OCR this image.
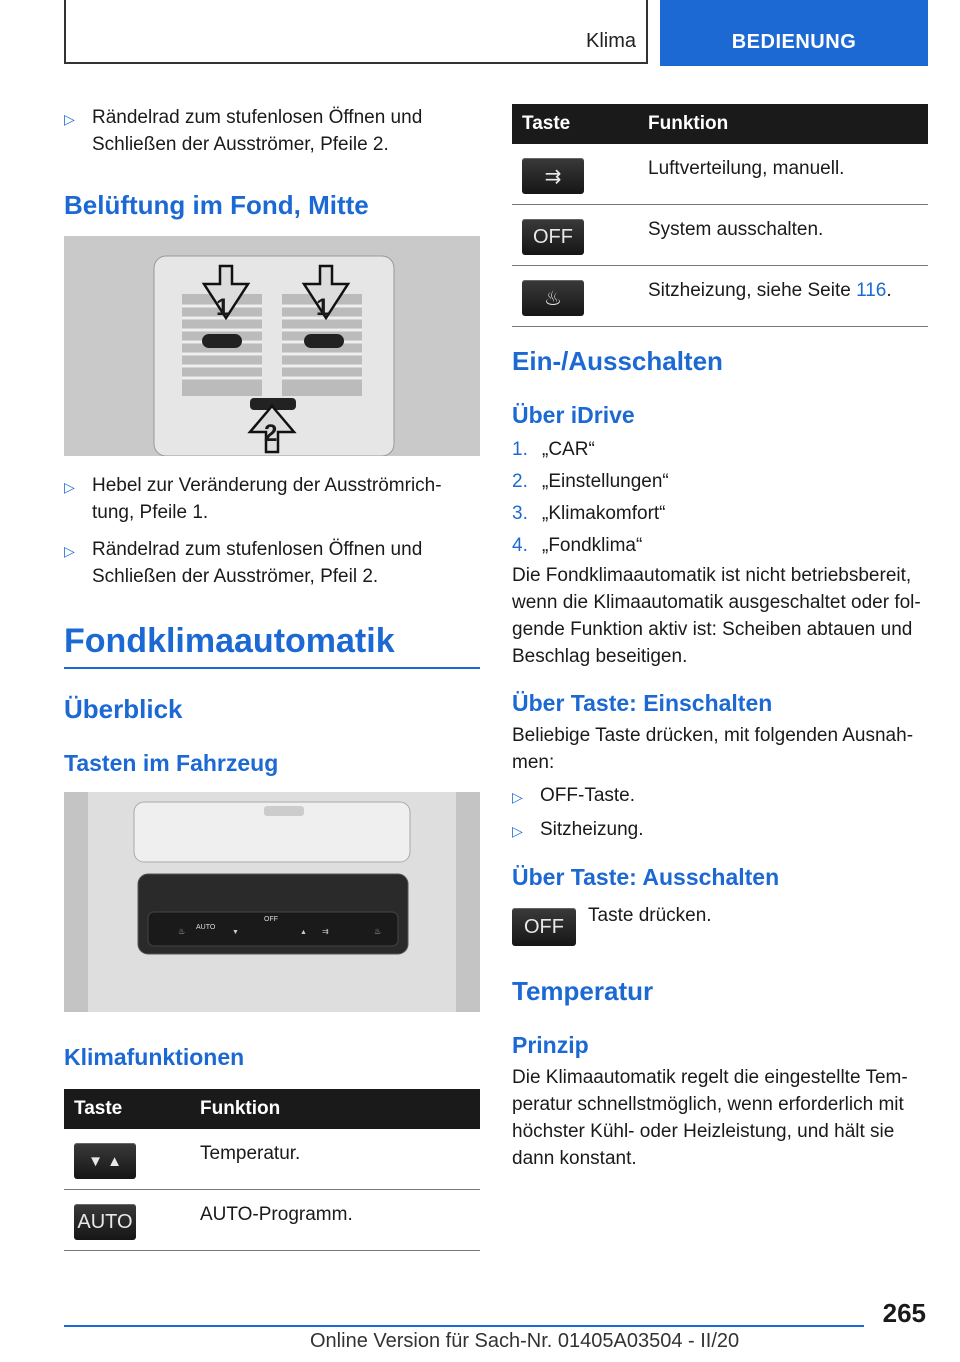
Klima	BEDIENUNG
▷ Rändelrad zum stufenlosen Öffnen und Schließen der Ausströmer, Pfeile 2.
Belüftung im Fond, Mitte
1	1
2
▷ Hebel zur Veränderung der Ausströmrich-tung, Pfeile 1.
▷ Rändelrad zum stufenlosen Öffnen und Schließen der Ausströmer, Pfeil 2.
Fondklimaautomatik
Überblick
Tasten im Fahrzeug
♨	▼	▲ ⇉	♨
AUTO
OFF
Klimafunktionen
Taste	Funktion

▼ ▲	Temperatur.

AUTO	AUTO-Programm.
Taste	Funktion

⇉	Luftverteilung, manuell.

OFF	System ausschalten.

♨	Sitzheizung, siehe Seite 116.
Ein-/Ausschalten
Über iDrive
1. „CAR“
2. „Einstellungen“
3. „Klimakomfort“
4. „Fondklima“
Die Fondklimaautomatik ist nicht betriebsbereit, wenn die Klimaautomatik ausgeschaltet oder fol-gende Funktion aktiv ist: Scheiben abtauen und Beschlag beseitigen.
Über Taste: Einschalten
Beliebige Taste drücken, mit folgenden Ausnah-men:
▷ OFF-Taste.
▷ Sitzheizung.
Über Taste: Ausschalten
OFF	Taste drücken.
Temperatur
Prinzip
Die Klimaautomatik regelt die eingestellte Tem-peratur schnellstmöglich, wenn erforderlich mit höchster Kühl- oder Heizleistung, und hält sie dann konstant.
265
Online Version für Sach-Nr. 01405A03504 - II/20
